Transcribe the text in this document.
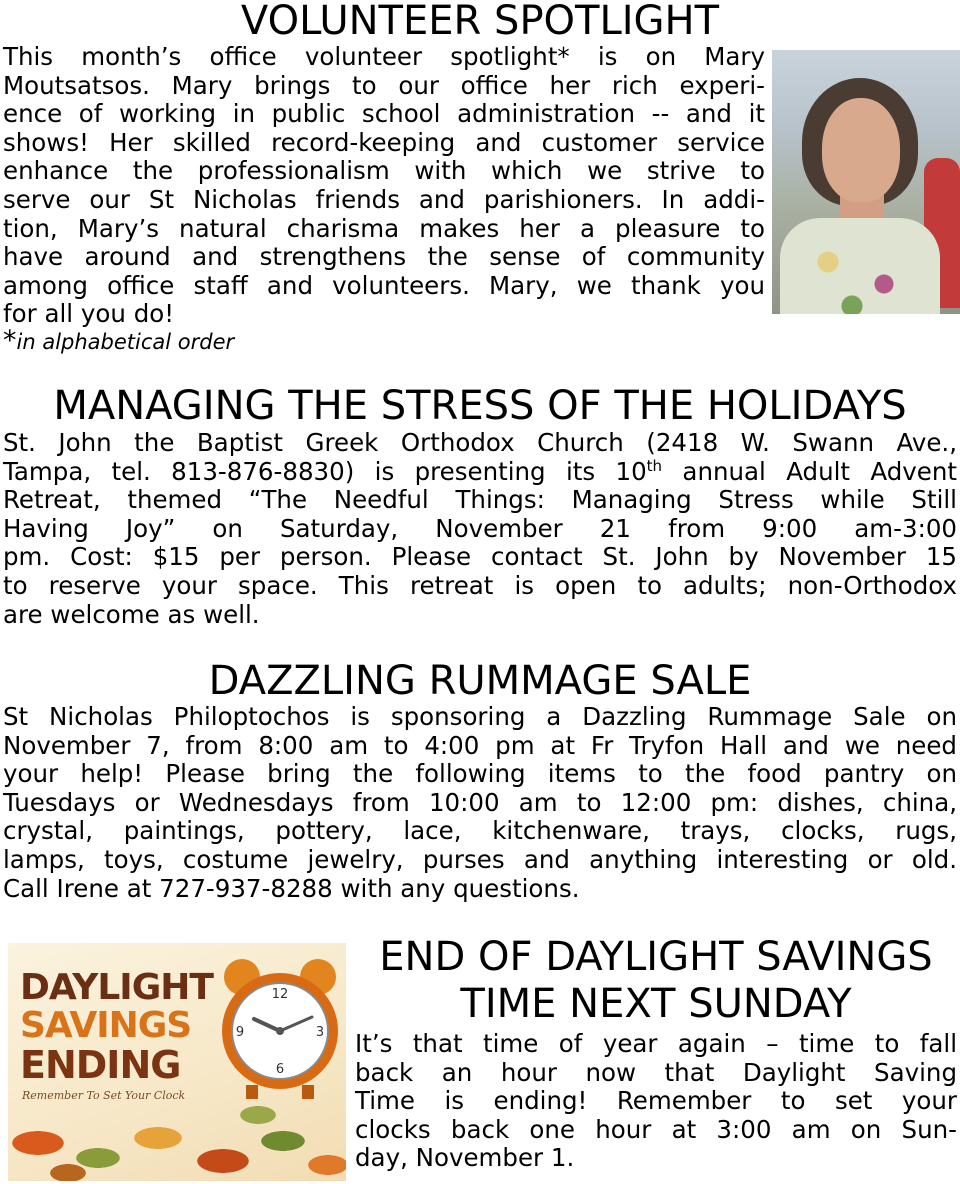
VOLUNTEER SPOTLIGHT
This month’s office volunteer spotlight* is on Mary
Moutsatsos. Mary brings to our office her rich experi-
ence of working in public school administration -- and it
shows! Her skilled record-keeping and customer service
enhance the professionalism with which we strive to
serve our St Nicholas friends and parishioners. In addi-
tion, Mary’s natural charisma makes her a pleasure to
have around and strengthens the sense of community
among office staff and volunteers. Mary, we thank you
for all you do!
*in alphabetical order
MANAGING THE STRESS OF THE HOLIDAYS
St. John the Baptist Greek Orthodox Church (2418 W. Swann Ave.,
Tampa, tel. 813-876-8830) is presenting its 10th annual Adult Advent
Retreat, themed “The Needful Things: Managing Stress while Still
Having Joy” on Saturday, November 21 from 9:00 am-3:00
pm. Cost: $15 per person. Please contact St. John by November 15
to reserve your space. This retreat is open to adults; non-Orthodox
are welcome as well.
DAZZLING RUMMAGE SALE
St Nicholas Philoptochos is sponsoring a Dazzling Rummage Sale on
November 7, from 8:00 am to 4:00 pm at Fr Tryfon Hall and we need
your help! Please bring the following items to the food pantry on
Tuesdays or Wednesdays from 10:00 am to 12:00 pm: dishes, china,
crystal, paintings, pottery, lace, kitchenware, trays, clocks, rugs,
lamps, toys, costume jewelry, purses and anything interesting or old.
Call Irene at 727-937-8288 with any questions.
DAYLIGHT
SAVINGS
ENDING
Remember To Set Your Clock
12
9	3
6
END OF DAYLIGHT SAVINGS
TIME NEXT SUNDAY
It’s that time of year again – time to fall
back an hour now that Daylight Saving
Time is ending! Remember to set your
clocks back one hour at 3:00 am on Sun-
day, November 1.
